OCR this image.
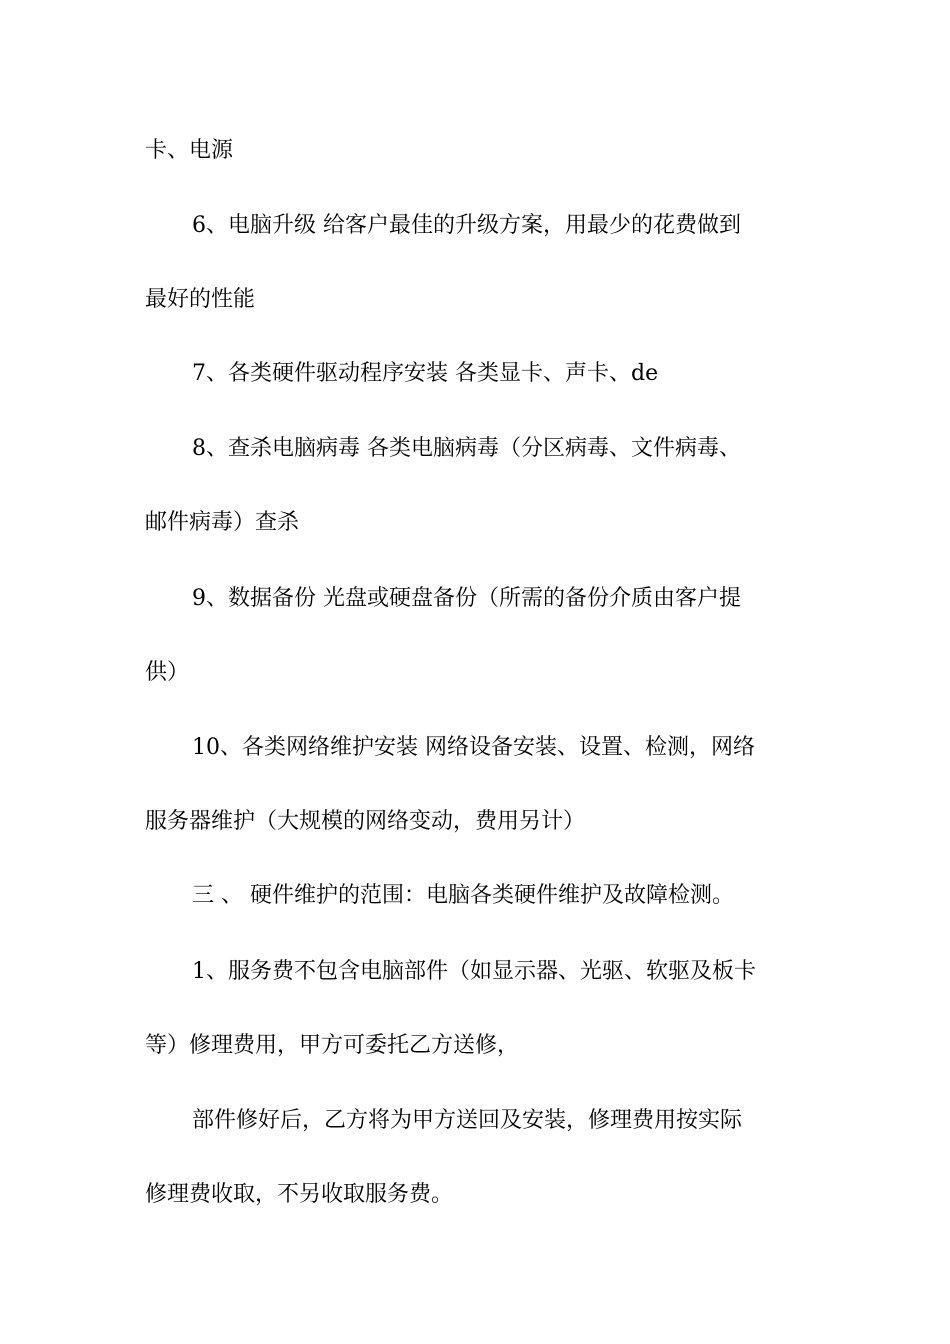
卡、电源
6、电脑升级 给客户最佳的升级方案，用最少的花费做到
最好的性能
7、各类硬件驱动程序安装 各类显卡、声卡、de
8、查杀电脑病毒 各类电脑病毒（分区病毒、文件病毒、
邮件病毒）查杀
9、数据备份 光盘或硬盘备份（所需的备份介质由客户提
供）
10、各类网络维护安装 网络设备安装、设置、检测，网络
服务器维护（大规模的网络变动，费用另计）
三 、 硬件维护的范围：电脑各类硬件维护及故障检测。
1、服务费不包含电脑部件（如显示器、光驱、软驱及板卡
等）修理费用，甲方可委托乙方送修，
部件修好后，乙方将为甲方送回及安装，修理费用按实际
修理费收取，不另收取服务费。
